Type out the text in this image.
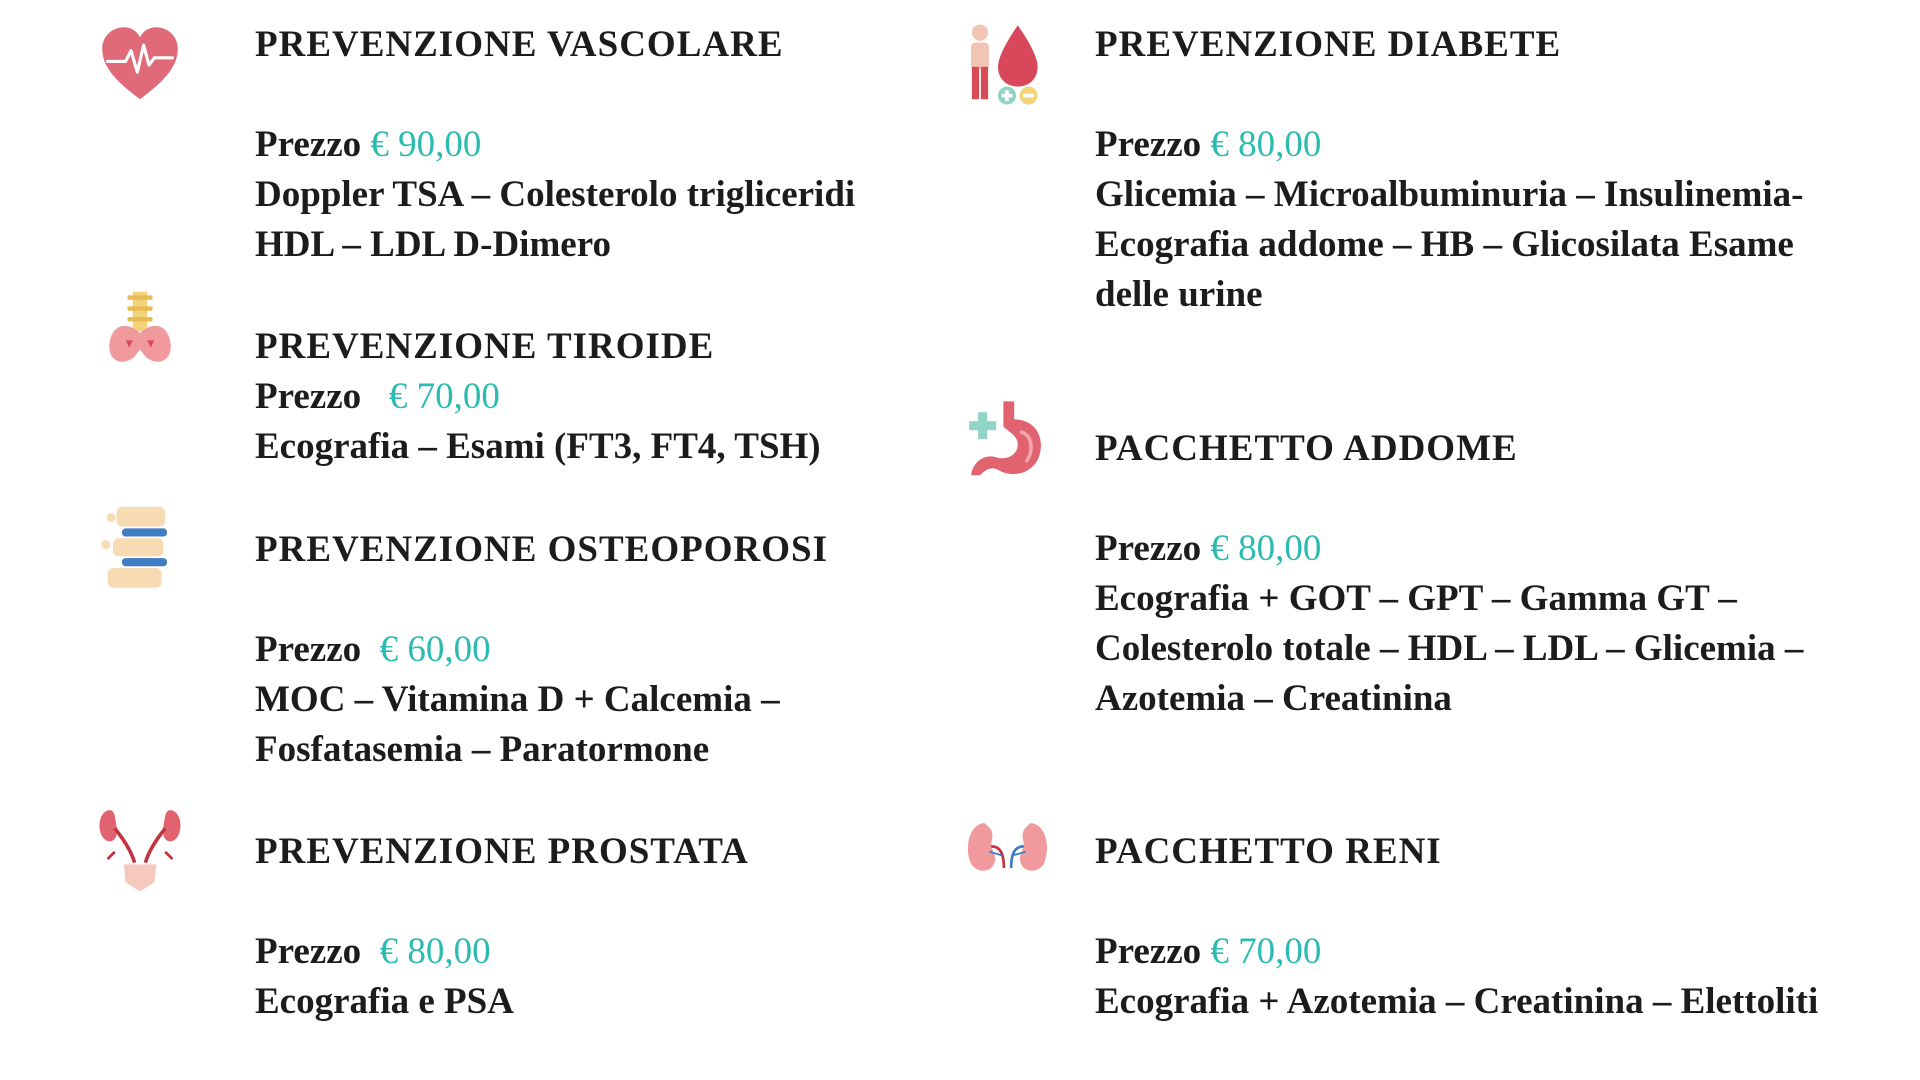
PREVENZIONE VASCOLARE
Prezzo € 90,00
Doppler TSA – Colesterolo trigliceridi
HDL – LDL D-Dimero
PREVENZIONE DIABETE
Prezzo € 80,00
Glicemia – Microalbuminuria – Insulinemia-
Ecografia addome – HB – Glicosilata Esame
delle urine
PREVENZIONE TIROIDE
Prezzo € 70,00
Ecografia – Esami (FT3, FT4, TSH)	PACCHETTO ADDOME
Prezzo € 80,00
Ecografia + GOT – GPT – Gamma GT –
Colesterolo totale – HDL – LDL – Glicemia –
Azotemia – Creatinina
PREVENZIONE OSTEOPOROSI
Prezzo € 60,00
MOC – Vitamina D + Calcemia –
Fosfatasemia – Paratormone
PREVENZIONE PROSTATA
Prezzo € 80,00
Ecografia e PSA
PACCHETTO RENI
Prezzo € 70,00
Ecografia + Azotemia – Creatinina – Elettoliti
